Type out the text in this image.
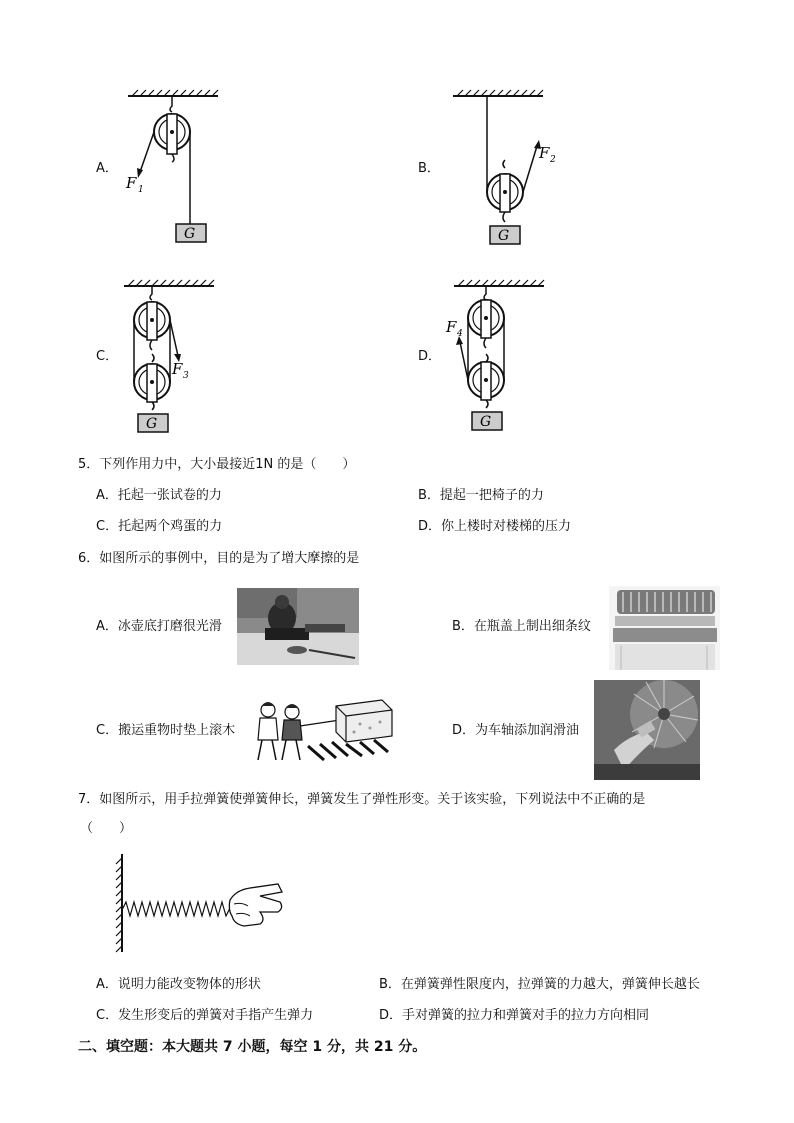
A．
G
F 1
B．
G
F 2
C．
G
F 3
D．
G
F 4
5．下列作用力中，大小最接近1N 的是（　　）
A．托起一张试卷的力	B．提起一把椅子的力
C．托起两个鸡蛋的力	D．你上楼时对楼梯的压力
6．如图所示的事例中，目的是为了增大摩擦的是
A．冰壶底打磨很光滑	B．在瓶盖上制出细条纹
C．搬运重物时垫上滚木	D．为车轴添加润滑油
7．如图所示，用手拉弹簧使弹簧伸长，弹簧发生了弹性形变。关于该实验，下列说法中不正确的是
（　　）
A．说明力能改变物体的形状	B．在弹簧弹性限度内，拉弹簧的力越大，弹簧伸长越长
C．发生形变后的弹簧对手指产生弹力	D．手对弹簧的拉力和弹簧对手的拉力方向相同
二、填空题：本大题共 7 小题，每空 1 分，共 21 分。
